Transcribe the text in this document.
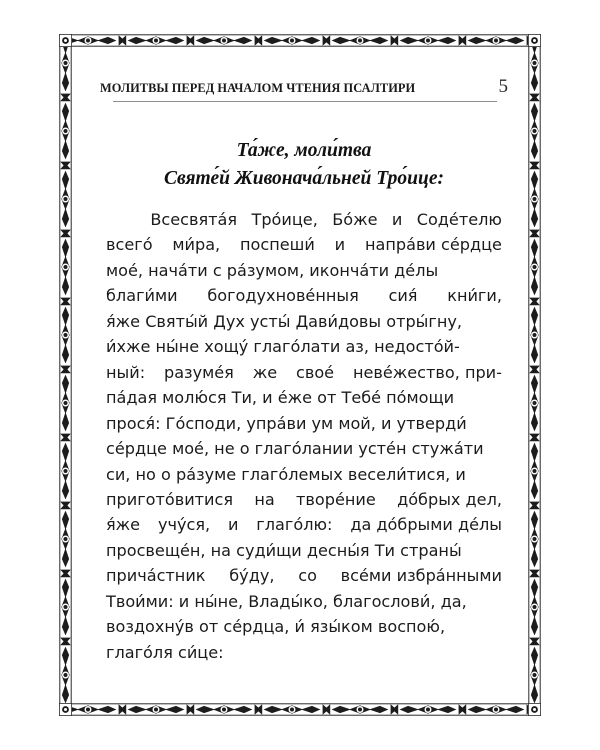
МОЛИТВЫ ПЕРЕД НАЧАЛОМ ЧТЕНИЯ ПСАЛТИРИ	5
Та́же, моли́тва
Святе́й Живонача́льней Тро́ице:
Всесвята́я Тро́ице, Бо́же и Соде́телю
всего́ ми́ра, поспеши́ и напра́ви се́рдце
мое́, нача́ти с ра́зумом, иконча́ти де́лы
благи́ми богодухнове́нныя сия́ кни́ги,
я́же Святы́й Дух усты́ Дави́довы отры́гну,
и́хже ны́не хощу́ глаго́лати аз, недосто́й-
ный: разуме́я же свое́ неве́жество, при-
па́дая молю́ся Ти, и е́же от Тебе́ по́мощи
прося́: Го́споди, упра́ви ум мой, и утверди́
се́рдце мое́, не о глаго́лании усте́н стужа́ти
си, но о ра́зуме глаго́лемых весели́тися, и
пригото́витися на творе́ние до́брых дел,
я́же учу́ся, и глаго́лю: да до́брыми де́лы
просвеще́н, на суди́щи десны́я Ти страны́
прича́стник бу́ду, со все́ми избра́нными
Твои́ми: и ны́не, Влады́ко, благослови́, да,
воздохну́в от се́рдца, и́ язы́ком воспою́,
глаго́ля си́це:
